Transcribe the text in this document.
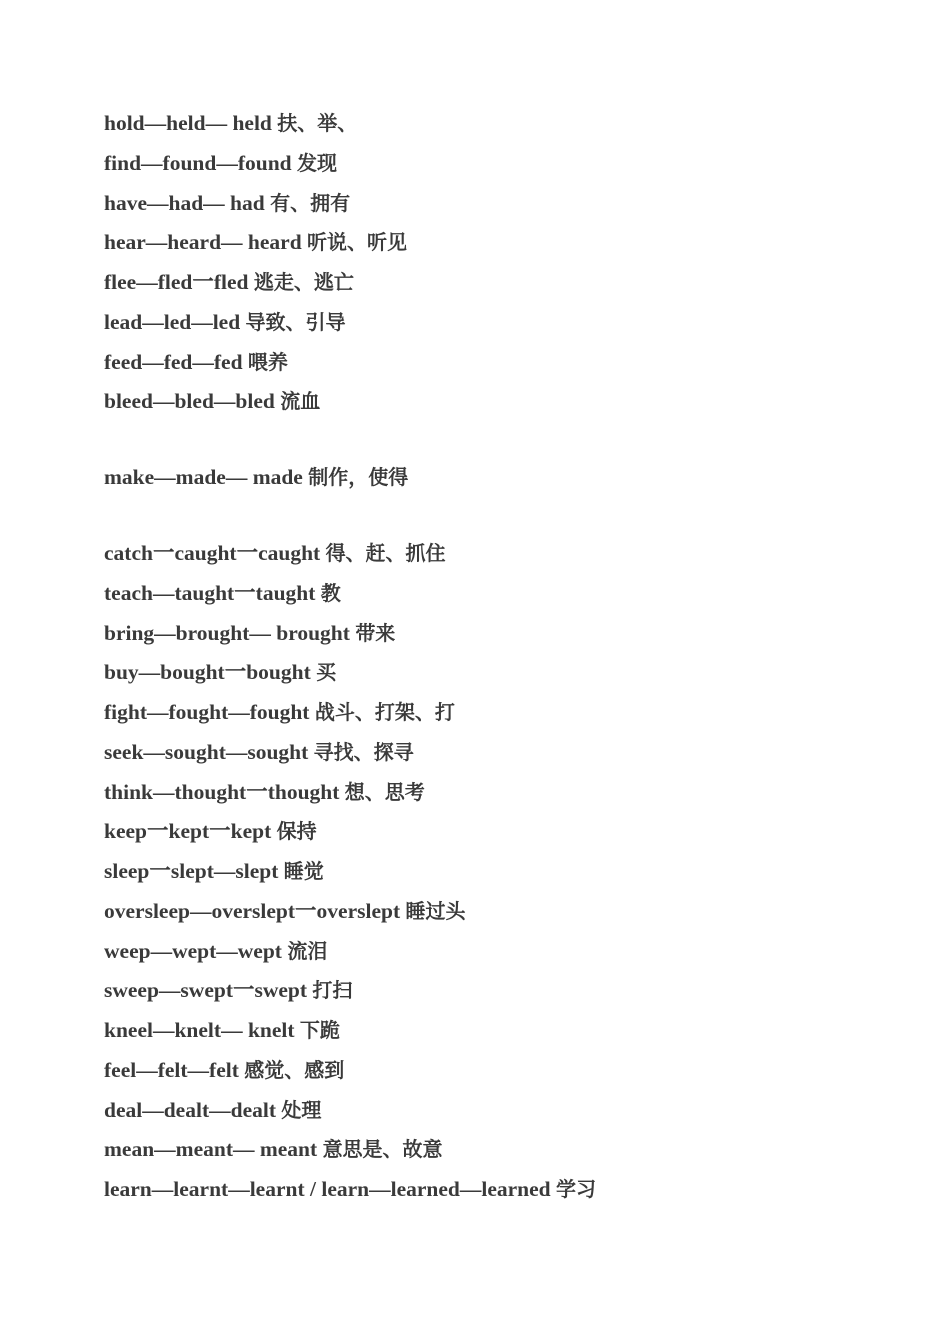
hold—held— held 扶、举、
find—found—found 发现
have—had— had 有、拥有
hear—heard— heard 听说、听见
flee—fled一fled 逃走、逃亡
lead—led—led 导致、引导
feed—fed—fed 喂养
bleed—bled—bled 流血
make—made— made 制作，使得
catch一caught一caught 得、赶、抓住
teach—taught一taught 教
bring—brought— brought 带来
buy—bought一bought 买
fight—fought—fought 战斗、打架、打
seek—sought—sought 寻找、探寻
think—thought一thought 想、思考
keep一kept一kept 保持
sleep一slept—slept 睡觉
oversleep—overslept一overslept 睡过头
weep—wept—wept 流泪
sweep—swept一swept 打扫
kneel—knelt— knelt 下跪
feel—felt—felt 感觉、感到
deal—dealt—dealt 处理
mean—meant— meant 意思是、故意
learn—learnt—learnt / learn—learned—learned 学习
